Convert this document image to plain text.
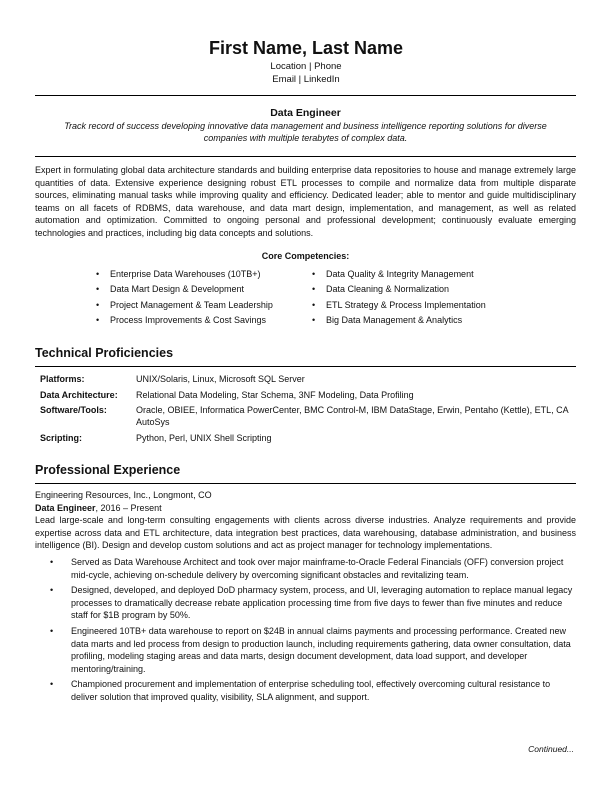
First Name, Last Name
Location | Phone
Email | LinkedIn
Data Engineer
Track record of success developing innovative data management and business intelligence reporting solutions for diverse companies with multiple terabytes of complex data.
Expert in formulating global data architecture standards and building enterprise data repositories to house and manage extremely large quantities of data. Extensive experience designing robust ETL processes to compile and normalize data from multiple disparate sources, eliminating manual tasks while improving quality and efficiency. Dedicated leader; able to mentor and guide multidisciplinary teams on all facets of RDBMS, data warehouse, and data mart design, implementation, and management, as well as related automation and optimization. Committed to ongoing personal and professional development; continuously evaluate emerging technologies and practices, including big data concepts and solutions.
Core Competencies:
• Enterprise Data Warehouses (10TB+)
• Data Mart Design & Development
• Project Management & Team Leadership
• Process Improvements & Cost Savings
• Data Quality & Integrity Management
• Data Cleaning & Normalization
• ETL Strategy & Process Implementation
• Big Data Management & Analytics
Technical Proficiencies
Platforms:	UNIX/Solaris, Linux, Microsoft SQL Server
Data Architecture:	Relational Data Modeling, Star Schema, 3NF Modeling, Data Profiling
Software/Tools:	Oracle, OBIEE, Informatica PowerCenter, BMC Control-M, IBM DataStage, Erwin, Pentaho (Kettle), ETL, CA AutoSys
Scripting:	Python, Perl, UNIX Shell Scripting
Professional Experience
Engineering Resources, Inc., Longmont, CO
Data Engineer, 2016 – Present
Lead large-scale and long-term consulting engagements with clients across diverse industries. Analyze requirements and provide expertise across data and ETL architecture, data integration best practices, data warehousing, database administration, and business intelligence (BI). Design and develop custom solutions and act as project manager for technology implementations.
• Served as Data Warehouse Architect and took over major mainframe-to-Oracle Federal Financials (OFF) conversion project mid-cycle, achieving on-schedule delivery by overcoming significant obstacles and revitalizing team.
• Designed, developed, and deployed DoD pharmacy system, process, and UI, leveraging automation to replace manual legacy processes to dramatically decrease rebate application processing time from five days to fewer than five minutes and reduce staff for $1B program by 50%.
• Engineered 10TB+ data warehouse to report on $24B in annual claims payments and processing performance. Created new data marts and led process from design to production launch, including requirements gathering, data owner consultation, data profiling, modeling staging areas and data marts, design document development, data load support, and developer mentoring/training.
• Championed procurement and implementation of enterprise scheduling tool, effectively overcoming cultural resistance to deliver solution that improved quality, visibility, SLA alignment, and support.
Continued...
